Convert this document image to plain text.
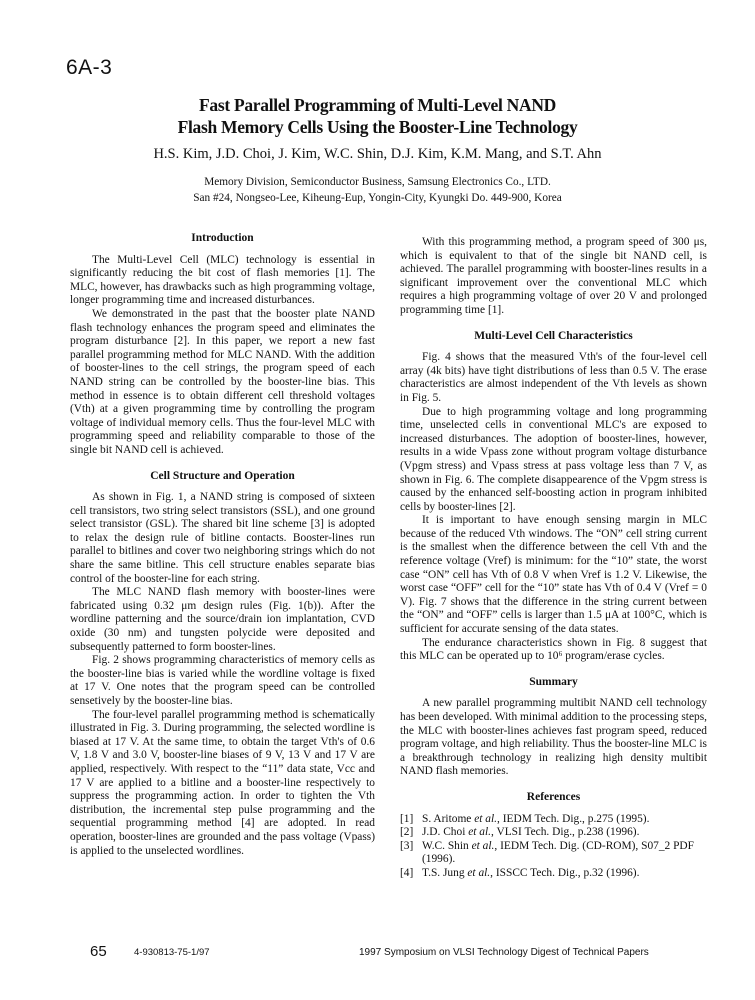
6A-3
Fast Parallel Programming of Multi-Level NAND
Flash Memory Cells Using the Booster-Line Technology
H.S. Kim, J.D. Choi, J. Kim, W.C. Shin, D.J. Kim, K.M. Mang, and S.T. Ahn
Memory Division, Semiconductor Business, Samsung Electronics Co., LTD.
San #24, Nongseo-Lee, Kiheung-Eup, Yongin-City, Kyungki Do. 449-900, Korea
Introduction

The Multi-Level Cell (MLC) technology is essential in significantly reducing the bit cost of flash memories [1]. The MLC, however, has drawbacks such as high programming voltage, longer programming time and increased disturbances.

We demonstrated in the past that the booster plate NAND flash technology enhances the program speed and eliminates the program disturbance [2]. In this paper, we report a new fast parallel programming method for MLC NAND. With the addition of booster-lines to the cell strings, the program speed of each NAND string can be controlled by the booster-line bias. This method in essence is to obtain different cell threshold voltages (Vth) at a given programming time by controlling the program voltage of individual memory cells. Thus the four-level MLC with programming speed and reliability comparable to those of the single bit NAND cell is achieved.

Cell Structure and Operation

As shown in Fig. 1, a NAND string is composed of sixteen cell transistors, two string select transistors (SSL), and one ground select transistor (GSL). The shared bit line scheme [3] is adopted to relax the design rule of bitline contacts. Booster-lines run parallel to bitlines and cover two neighboring strings which do not share the same bitline. This cell structure enables separate bias control of the booster-line for each string.

The MLC NAND flash memory with booster-lines were fabricated using 0.32 μm design rules (Fig. 1(b)). After the wordline patterning and the source/drain ion implantation, CVD oxide (30 nm) and tungsten polycide were deposited and subsequently patterned to form booster-lines.

Fig. 2 shows programming characteristics of memory cells as the booster-line bias is varied while the wordline voltage is fixed at 17 V. One notes that the program speed can be controlled sensetively by the booster-line bias.

The four-level parallel programming method is schematically illustrated in Fig. 3. During programming, the selected wordline is biased at 17 V. At the same time, to obtain the target Vth's of 0.6 V, 1.8 V and 3.0 V, booster-line biases of 9 V, 13 V and 17 V are applied, respectively. With respect to the “11” data state, Vcc and 17 V are applied to a bitline and a booster-line respectively to suppress the programming action. In order to tighten the Vth distribution, the incremental step pulse programming and the sequential programming method [4] are adopted. In read operation, booster-lines are grounded and the pass voltage (Vpass) is applied to the unselected wordlines.

With this programming method, a program speed of 300 μs, which is equivalent to that of the single bit NAND cell, is achieved. The parallel programming with booster-lines results in a significant improvement over the conventional MLC which requires a high programming voltage of over 20 V and prolonged programming time [1].

Multi-Level Cell Characteristics

Fig. 4 shows that the measured Vth's of the four-level cell array (4k bits) have tight distributions of less than 0.5 V. The erase characteristics are almost independent of the Vth levels as shown in Fig. 5.

Due to high programming voltage and long programming time, unselected cells in conventional MLC's are exposed to increased disturbances. The adoption of booster-lines, however, results in a wide Vpass zone without program voltage disturbance (Vpgm stress) and Vpass stress at pass voltage less than 7 V, as shown in Fig. 6. The complete disappearence of the Vpgm stress is caused by the enhanced self-boosting action in program inhibited cells by booster-lines [2].

It is important to have enough sensing margin in MLC because of the reduced Vth windows. The “ON” cell string current is the smallest when the difference between the cell Vth and the reference voltage (Vref) is minimum: for the “10” state, the worst case “ON” cell has Vth of 0.8 V when Vref is 1.2 V. Likewise, the worst case “OFF” cell for the “10” state has Vth of 0.4 V (Vref = 0 V). Fig. 7 shows that the difference in the string current between the “ON” and “OFF” cells is larger than 1.5 μA at 100°C, which is sufficient for accurate sensing of the data states.

The endurance characteristics shown in Fig. 8 suggest that this MLC can be operated up to 10⁶ program/erase cycles.

Summary

A new parallel programming multibit NAND cell technology has been developed. With minimal addition to the processing steps, the MLC with booster-lines achieves fast program speed, reduced program voltage, and high reliability. Thus the booster-line MLC is a breakthrough technology in realizing high density multibit NAND flash memories.

References
[1] S. Aritome et al., IEDM Tech. Dig., p.275 (1995).
[2] J.D. Choi et al., VLSI Tech. Dig., p.238 (1996).
[3] W.C. Shin et al., IEDM Tech. Dig. (CD-ROM), S07_2 PDF (1996).
[4] T.S. Jung et al., ISSCC Tech. Dig., p.32 (1996).
65	4-930813-75-1/97	1997 Symposium on VLSI Technology Digest of Technical Papers
